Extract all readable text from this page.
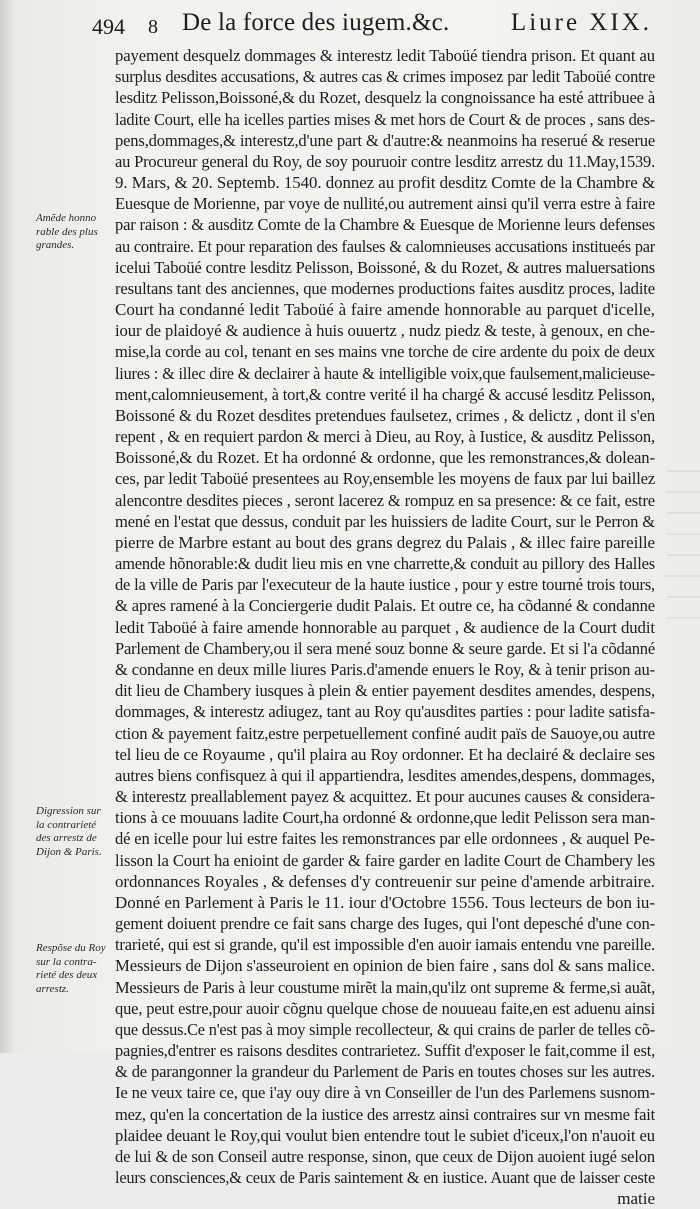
494 8 De la force des iugem.&c. Liure XIX.
payement desquelz dommages & interestz ledit Taboüé tiendra prison. Et quant au
surplus desdites accusations, & autres cas & crimes imposez par ledit Taboüé contre
lesditz Pelisson,Boissoné,& du Rozet, desquelz la congnoissance ha esté attribuee à
ladite Court, elle ha icelles parties mises & met hors de Court & de proces , sans des-
pens,dommages,& interestz,d'une part & d'autre:& neanmoins ha reserué & reserue
au Procureur general du Roy, de soy pouruoir contre lesditz arrestz du 11.May,1539.
9. Mars, & 20. Septemb. 1540. donnez au profit desditz Comte de la Chambre &
Euesque de Morienne, par voye de nullité,ou autrement ainsi qu'il verra estre à faire
par raison : & ausditz Comte de la Chambre & Euesque de Morienne leurs defenses
au contraire. Et pour reparation des faulses & calomnieuses accusations institueés par
icelui Taboüé contre lesditz Pelisson, Boissoné, & du Rozet, & autres maluersations
resultans tant des anciennes, que modernes productions faites ausditz proces, ladite
Court ha condanné ledit Taboüé à faire amende honnorable au parquet d'icelle,
iour de plaidoyé & audience à huis ouuertz , nudz piedz & teste, à genoux, en che-
mise,la corde au col, tenant en ses mains vne torche de cire ardente du poix de deux
liures : & illec dire & declairer à haute & intelligible voix,que faulsement,malicieuse-
ment,calomnieusement, à tort,& contre verité il ha chargé & accusé lesditz Pelisson,
Boissoné & du Rozet desdites pretendues faulsetez, crimes , & delictz , dont il s'en
repent , & en requiert pardon & merci à Dieu, au Roy, à Iustice, & ausditz Pelisson,
Boissoné,& du Rozet. Et ha ordonné & ordonne, que les remonstrances,& dolean-
ces, par ledit Taboüé presentees au Roy,ensemble les moyens de faux par lui baillez
alencontre desdites pieces , seront lacerez & rompuz en sa presence: & ce fait, estre
mené en l'estat que dessus, conduit par les huissiers de ladite Court, sur le Perron &
pierre de Marbre estant au bout des grans degrez du Palais , & illec faire pareille
amende hõnorable:& dudit lieu mis en vne charrette,& conduit au pillory des Halles
de la ville de Paris par l'executeur de la haute iustice , pour y estre tourné trois tours,
& apres ramené à la Conciergerie dudit Palais. Et outre ce, ha cõdanné & condanne
ledit Taboüé à faire amende honnorable au parquet , & audience de la Court dudit
Parlement de Chambery,ou il sera mené souz bonne & seure garde. Et si l'a cõdanné
& condanne en deux mille liures Paris.d'amende enuers le Roy, & à tenir prison au-
dit lieu de Chambery iusques à plein & entier payement desdites amendes, despens,
dommages, & interestz adiugez, tant au Roy qu'ausdites parties : pour ladite satisfa-
ction & payement faitz,estre perpetuellement confiné audit païs de Sauoye,ou autre
tel lieu de ce Royaume , qu'il plaira au Roy ordonner. Et ha declairé & declaire ses
autres biens confisquez à qui il appartiendra, lesdites amendes,despens, dommages,
& interestz preallablement payez & acquittez. Et pour aucunes causes & considera-
tions à ce mouuans ladite Court,ha ordonné & ordonne,que ledit Pelisson sera man-
dé en icelle pour lui estre faites les remonstrances par elle ordonnees , & auquel Pe-
lisson la Court ha enioint de garder & faire garder en ladite Court de Chambery les
ordonnances Royales , & defenses d'y contreuenir sur peine d'amende arbitraire.
Donné en Parlement à Paris le 11. iour d'Octobre 1556. Tous lecteurs de bon iu-
gement doiuent prendre ce fait sans charge des Iuges, qui l'ont depesché d'une con-
trarieté, qui est si grande, qu'il est impossible d'en auoir iamais entendu vne pareille.
Messieurs de Dijon s'asseuroient en opinion de bien faire , sans dol & sans malice.
Messieurs de Paris à leur coustume mirẽt la main,qu'ilz ont supreme & ferme,si auãt,
que, peut estre,pour auoir cõgnu quelque chose de nouueau faite,en est aduenu ainsi
que dessus.Ce n'est pas à moy simple recollecteur, & qui crains de parler de telles cõ-
pagnies,d'entrer es raisons desdites contrarietez. Suffit d'exposer le fait,comme il est,
& de parangonner la grandeur du Parlement de Paris en toutes choses sur les autres.
Ie ne veux taire ce, que i'ay ouy dire à vn Conseiller de l'un des Parlemens susnom-
mez, qu'en la concertation de la iustice des arrestz ainsi contraires sur vn mesme fait
plaidee deuant le Roy,qui voulut bien entendre tout le subiet d'iceux,l'on n'auoit eu
de lui & de son Conseil autre response, sinon, que ceux de Dijon auoient iugé selon
leurs consciences,& ceux de Paris saintement & en iustice. Auant que de laisser ceste
matie
Amẽde honno
rable des plus
grandes.
Digression sur
la contrarieté
des arrestz de
Dijon & Paris.
Respõse du Roy
sur la contra-
rieté des deux
arrestz.
